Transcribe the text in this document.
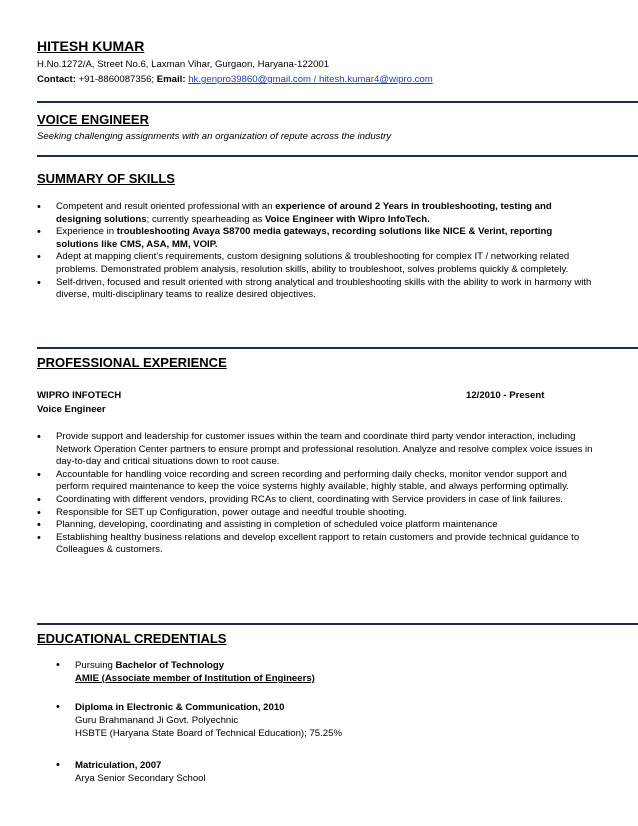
HITESH KUMAR
H.No.1272/A, Street No.6, Laxman Vihar, Gurgaon, Haryana-122001
Contact: +91-8860087356; Email: hk.genpro39860@gmail.com / hitesh.kumar4@wipro.com
VOICE ENGINEER
Seeking challenging assignments with an organization of repute across the industry
SUMMARY OF SKILLS
• Competent and result oriented professional with an experience of around 2 Years in troubleshooting, testing and designing solutions; currently spearheading as Voice Engineer with Wipro InfoTech.
• Experience in troubleshooting Avaya S8700 media gateways, recording solutions like NICE & Verint, reporting solutions like CMS, ASA, MM, VOIP.
• Adept at mapping client’s requirements, custom designing solutions & troubleshooting for complex IT / networking related problems. Demonstrated problem analysis, resolution skills, ability to troubleshoot, solves problems quickly & completely.
• Self-driven, focused and result oriented with strong analytical and troubleshooting skills with the ability to work in harmony with diverse, multi-disciplinary teams to realize desired objectives.
PROFESSIONAL EXPERIENCE
WIPRO INFOTECH	12/2010 - Present
Voice Engineer
• Provide support and leadership for customer issues within the team and coordinate third party vendor interaction, including Network Operation Center partners to ensure prompt and professional resolution. Analyze and resolve complex voice issues in day-to-day and critical situations down to root cause.
• Accountable for handling voice recording and screen recording and performing daily checks, monitor vendor support and perform required maintenance to keep the voice systems highly available, highly stable, and always performing optimally.
• Coordinating with different vendors, providing RCAs to client, coordinating with Service providers in case of link failures.
• Responsible for SET up Configuration, power outage and needful trouble shooting.
• Planning, developing, coordinating and assisting in completion of scheduled voice platform maintenance
• Establishing healthy business relations and develop excellent rapport to retain customers and provide technical guidance to Colleagues & customers.
EDUCATIONAL CREDENTIALS
• Pursuing Bachelor of Technology
AMIE (Associate member of Institution of Engineers)
• Diploma in Electronic & Communication, 2010
Guru Brahmanand Ji Govt. Polyechnic
HSBTE (Haryana State Board of Technical Education); 75.25%
• Matriculation, 2007
Arya Senior Secondary School
